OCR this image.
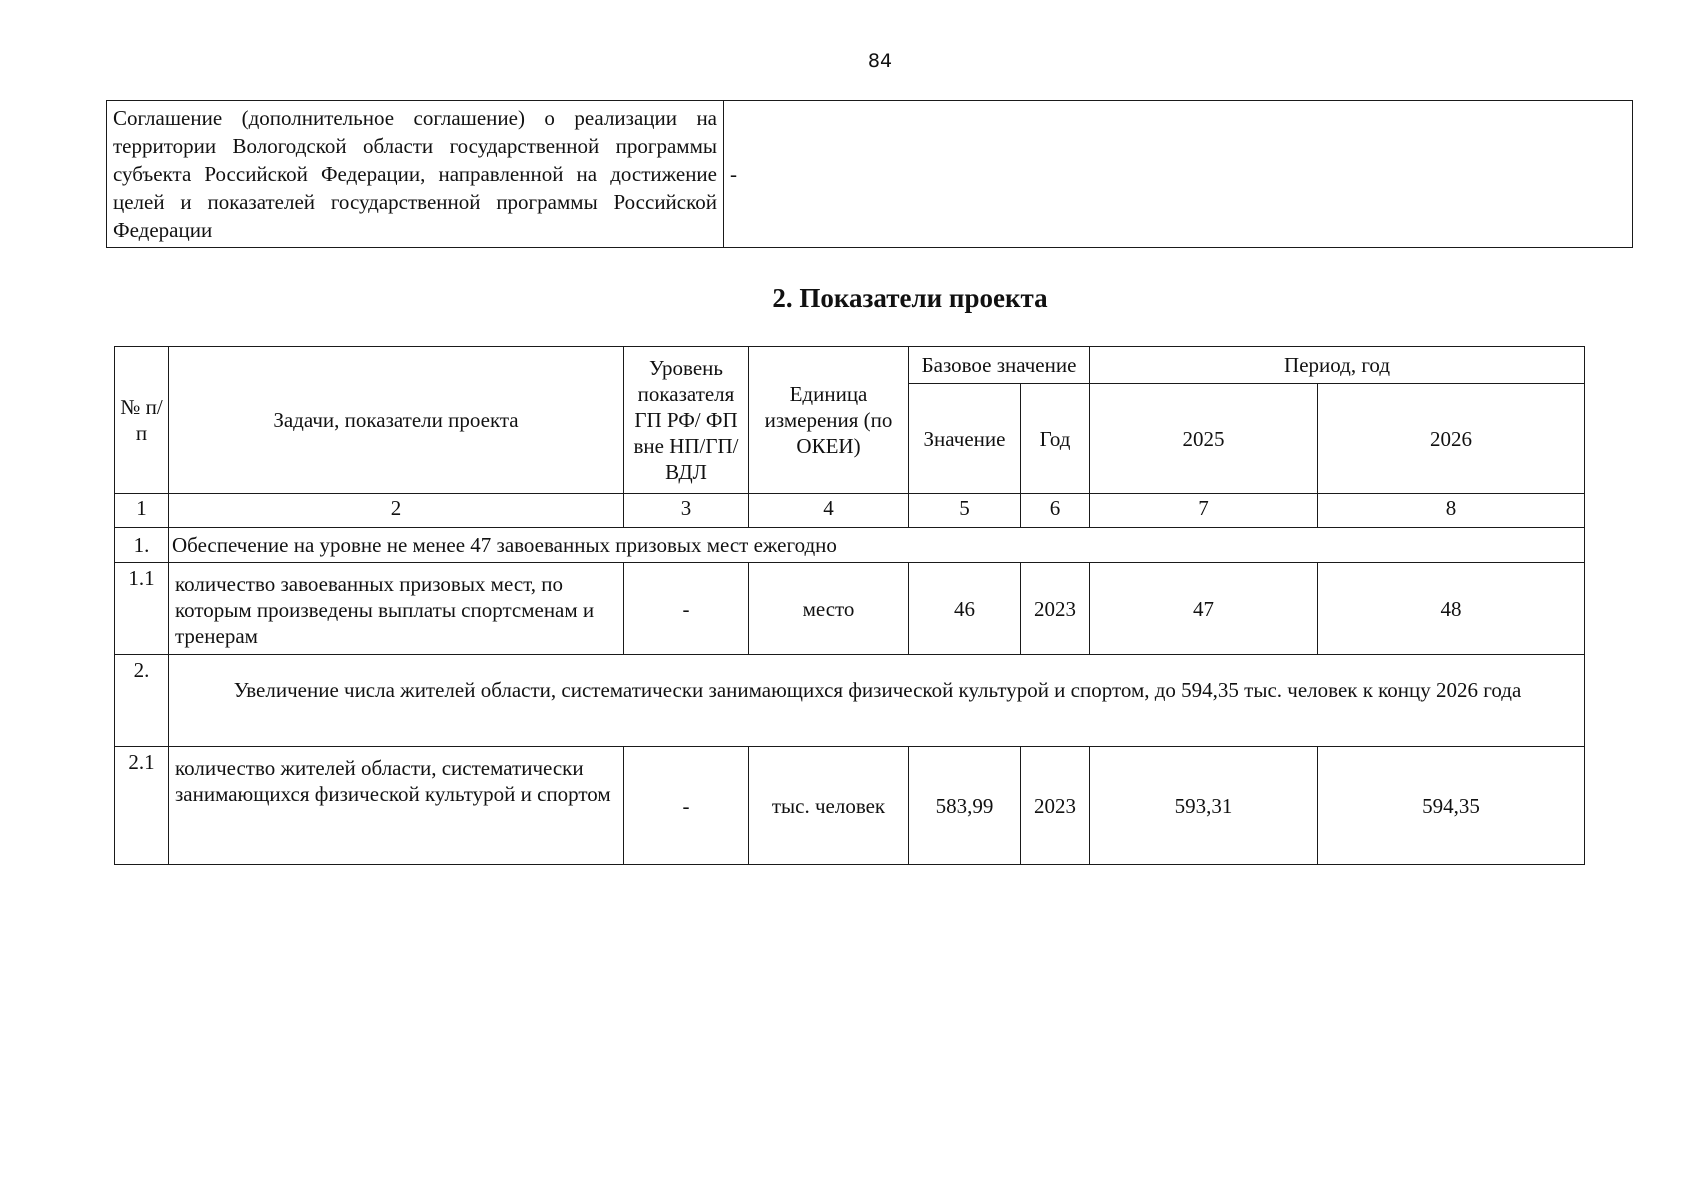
84
Соглашение (дополнительное соглашение) о реализации на территории Вологодской области государственной программы субъекта Российской Федерации, направленной на достижение целей и показателей государственной программы Российской Федерации	-
2. Показатели проекта
№ п/п	Задачи, показатели проекта	Уровень показателя ГП РФ/ ФП вне НП/ГП/ ВДЛ	Единица измерения (по ОКЕИ)	Базовое значение		Период, год	
				Значение	Год	2025	2026
1	2	3	4	5	6	7	8
1.	Обеспечение на уровне не менее 47 завоеванных призовых мест ежегодно						
1.1	количество завоеванных призовых мест, по которым произведены выплаты спортсменам и тренерам	-	место	46	2023	47	48
2.	Увеличение числа жителей области, систематически занимающихся физической культурой и спортом, до 594,35 тыс. человек к концу 2026 года						
2.1	количество жителей области, систематически занимающихся физической культурой и спортом	-	тыс. человек	583,99	2023	593,31	594,35
